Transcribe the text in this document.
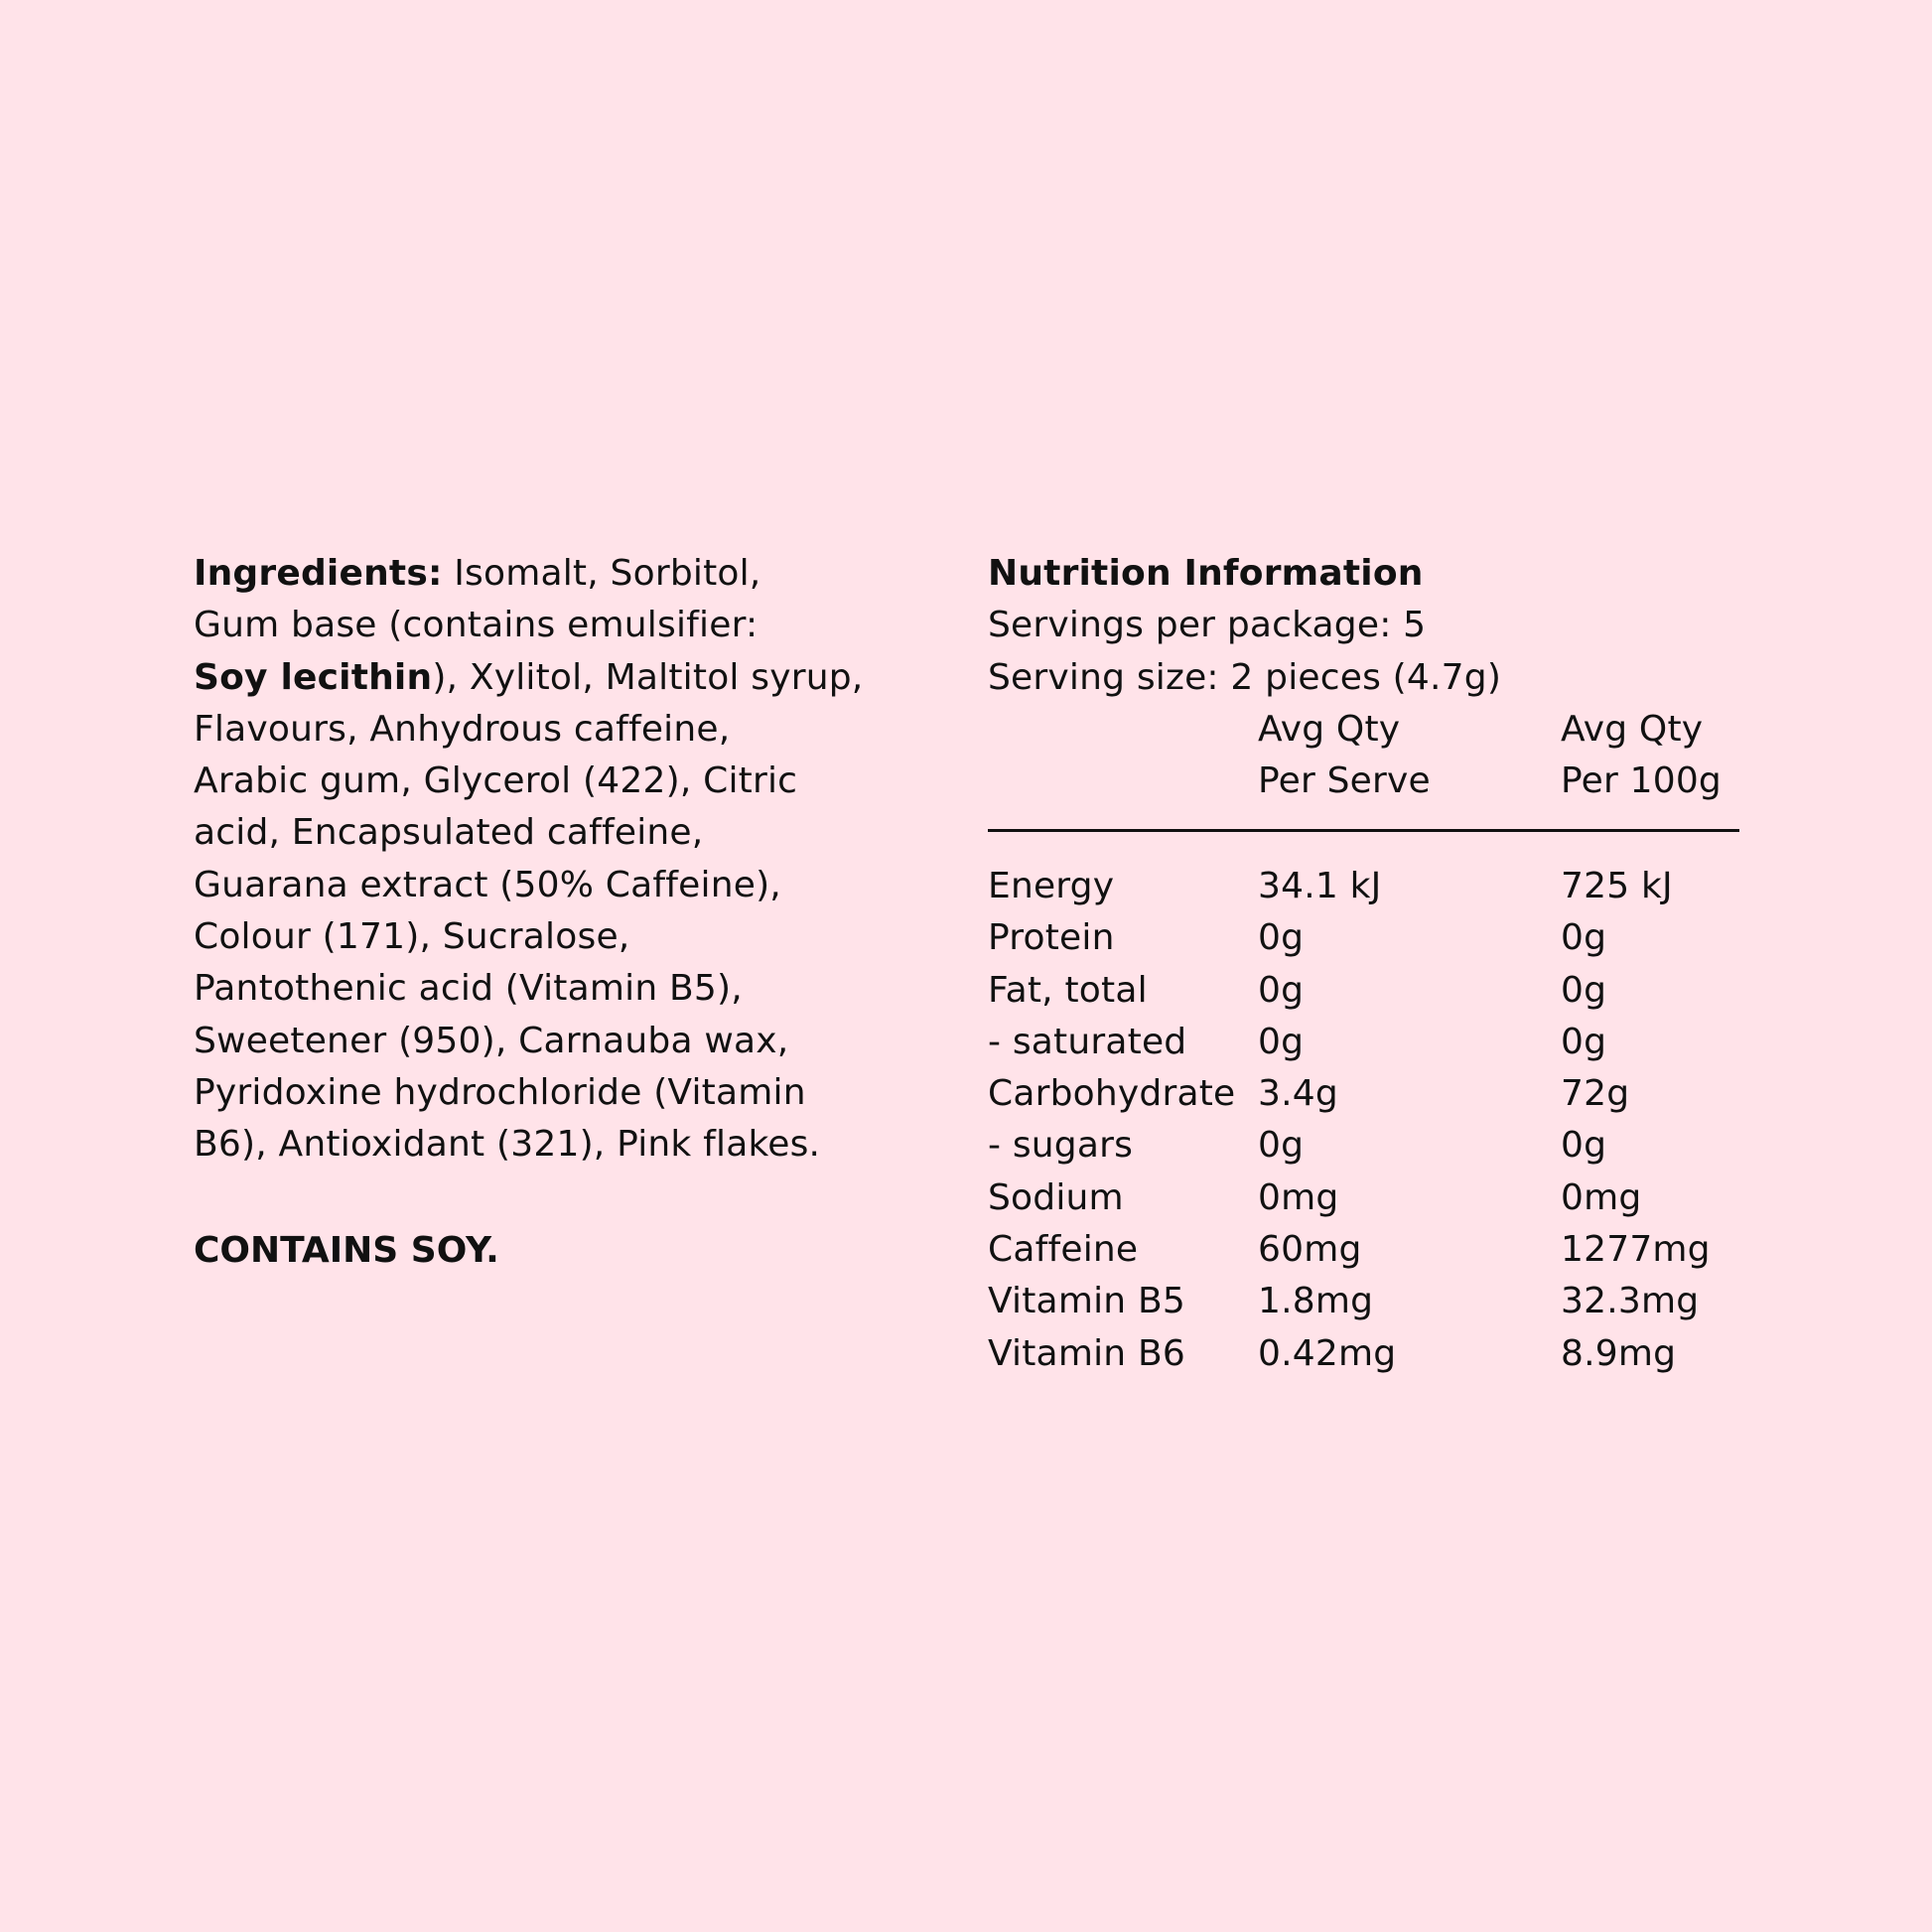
Ingredients: Isomalt, Sorbitol,
Gum base (contains emulsifier:
Soy lecithin), Xylitol, Maltitol syrup,
Flavours, Anhydrous caffeine,
Arabic gum, Glycerol (422), Citric
acid, Encapsulated caffeine,
Guarana extract (50% Caffeine),
Colour (171), Sucralose,
Pantothenic acid (Vitamin B5),
Sweetener (950), Carnauba wax,
Pyridoxine hydrochloride (Vitamin
B6), Antioxidant (321), Pink flakes.
CONTAINS SOY.
Nutrition Information
Servings per package: 5
Serving size: 2 pieces (4.7g)
Avg Qty	Avg Qty
Per Serve	Per 100g
Energy	34.1 kJ	725 kJ
Protein	0g	0g
Fat, total	0g	0g
- saturated 0g	0g
Carbohydrate 3.4g	72g
- sugars	0g	0g
Sodium	0mg	0mg
Caffeine	60mg	1277mg
Vitamin B5 1.8mg	32.3mg
Vitamin B6 0.42mg	8.9mg
